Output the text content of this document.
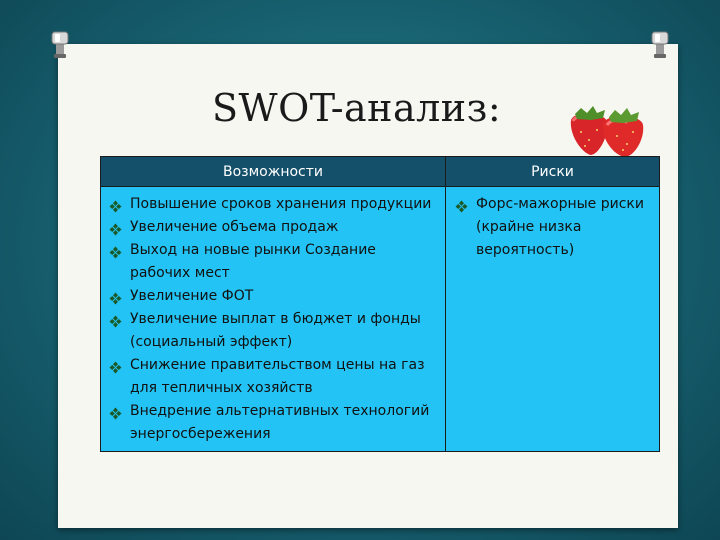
SWOT-анализ:
Возможности	Риски
Повышение сроков хранения продукции
Увеличение объема продаж
Выход на новые рынки Создание рабочих мест
Увеличение ФОТ
Увеличение выплат в бюджет и фонды (социальный эффект)
Снижение правительством цены на газ для тепличных хозяйств
Внедрение альтернативных технологий энергосбережения
Форс-мажорные риски (крайне низка вероятность)
